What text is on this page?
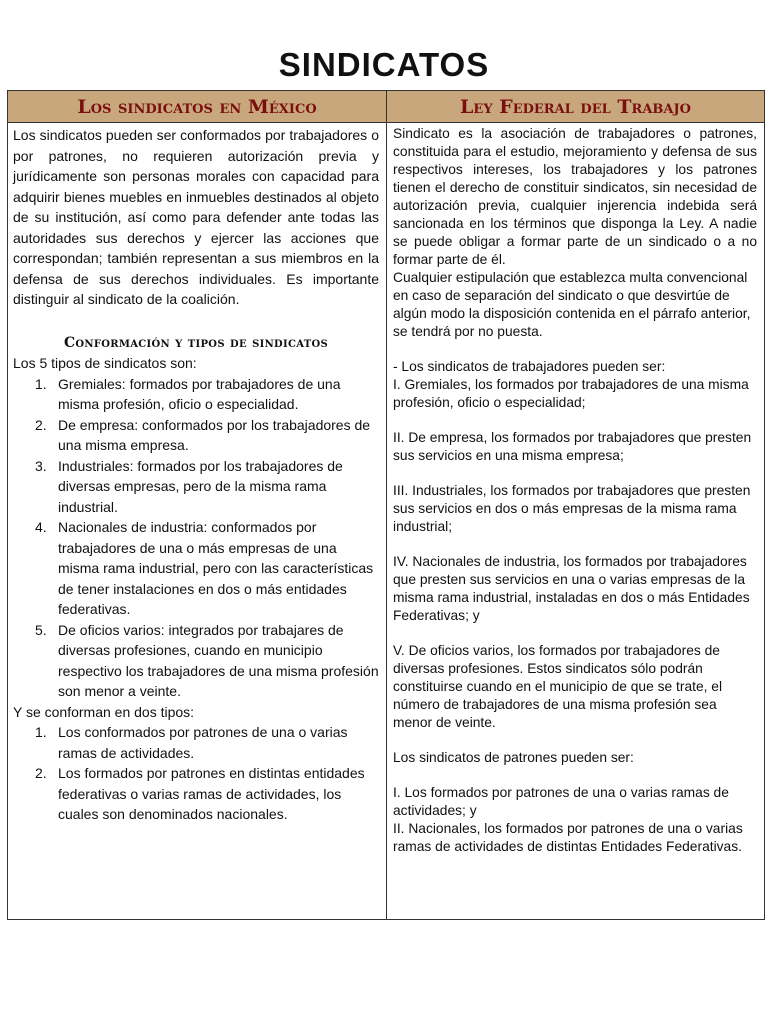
SINDICATOS
Los sindicatos en México	Ley Federal del Trabajo

Los sindicatos pueden ser conformados por trabajadores o por patrones, no requieren autorización previa y jurídicamente son personas morales con capacidad para adquirir bienes muebles en inmuebles destinados al objeto de su institución, así como para defender ante todas las autoridades sus derechos y ejercer las acciones que correspondan; también representan a sus miembros en la defensa de sus derechos individuales. Es importante distinguir al sindicato de la coalición.

Conformación y tipos de sindicatos

Los 5 tipos de sindicatos son:

1. Gremiales: formados por trabajadores de una misma profesión, oficio o especialidad.
2. De empresa: conformados por los trabajadores de una misma empresa.
3. Industriales: formados por los trabajadores de diversas empresas, pero de la misma rama industrial.
4. Nacionales de industria: conformados por trabajadores de una o más empresas de una misma rama industrial, pero con las características de tener instalaciones en dos o más entidades federativas.
5. De oficios varios: integrados por trabajares de diversas profesiones, cuando en municipio respectivo los trabajadores de una misma profesión son menor a veinte.

Y se conforman en dos tipos:

1. Los conformados por patrones de una o varias ramas de actividades.
2. Los formados por patrones en distintas entidades federativas o varias ramas de actividades, los cuales son denominados nacionales.

Sindicato es la asociación de trabajadores o patrones, constituida para el estudio, mejoramiento y defensa de sus respectivos intereses, los trabajadores y los patrones tienen el derecho de constituir sindicatos, sin necesidad de autorización previa, cualquier injerencia indebida será sancionada en los términos que disponga la Ley. A nadie se puede obligar a formar parte de un sindicado o a no formar parte de él.

Cualquier estipulación que establezca multa convencional en caso de separación del sindicato o que desvirtúe de algún modo la disposición contenida en el párrafo anterior, se tendrá por no puesta.

- Los sindicatos de trabajadores pueden ser:

I. Gremiales, los formados por trabajadores de una misma profesión, oficio o especialidad;

II. De empresa, los formados por trabajadores que presten sus servicios en una misma empresa;

III. Industriales, los formados por trabajadores que presten sus servicios en dos o más empresas de la misma rama industrial;

IV. Nacionales de industria, los formados por trabajadores que presten sus servicios en una o varias empresas de la misma rama industrial, instaladas en dos o más Entidades Federativas; y

V. De oficios varios, los formados por trabajadores de diversas profesiones. Estos sindicatos sólo podrán constituirse cuando en el municipio de que se trate, el número de trabajadores de una misma profesión sea menor de veinte.

Los sindicatos de patrones pueden ser:

I. Los formados por patrones de una o varias ramas de actividades; y

II. Nacionales, los formados por patrones de una o varias ramas de actividades de distintas Entidades Federativas.
